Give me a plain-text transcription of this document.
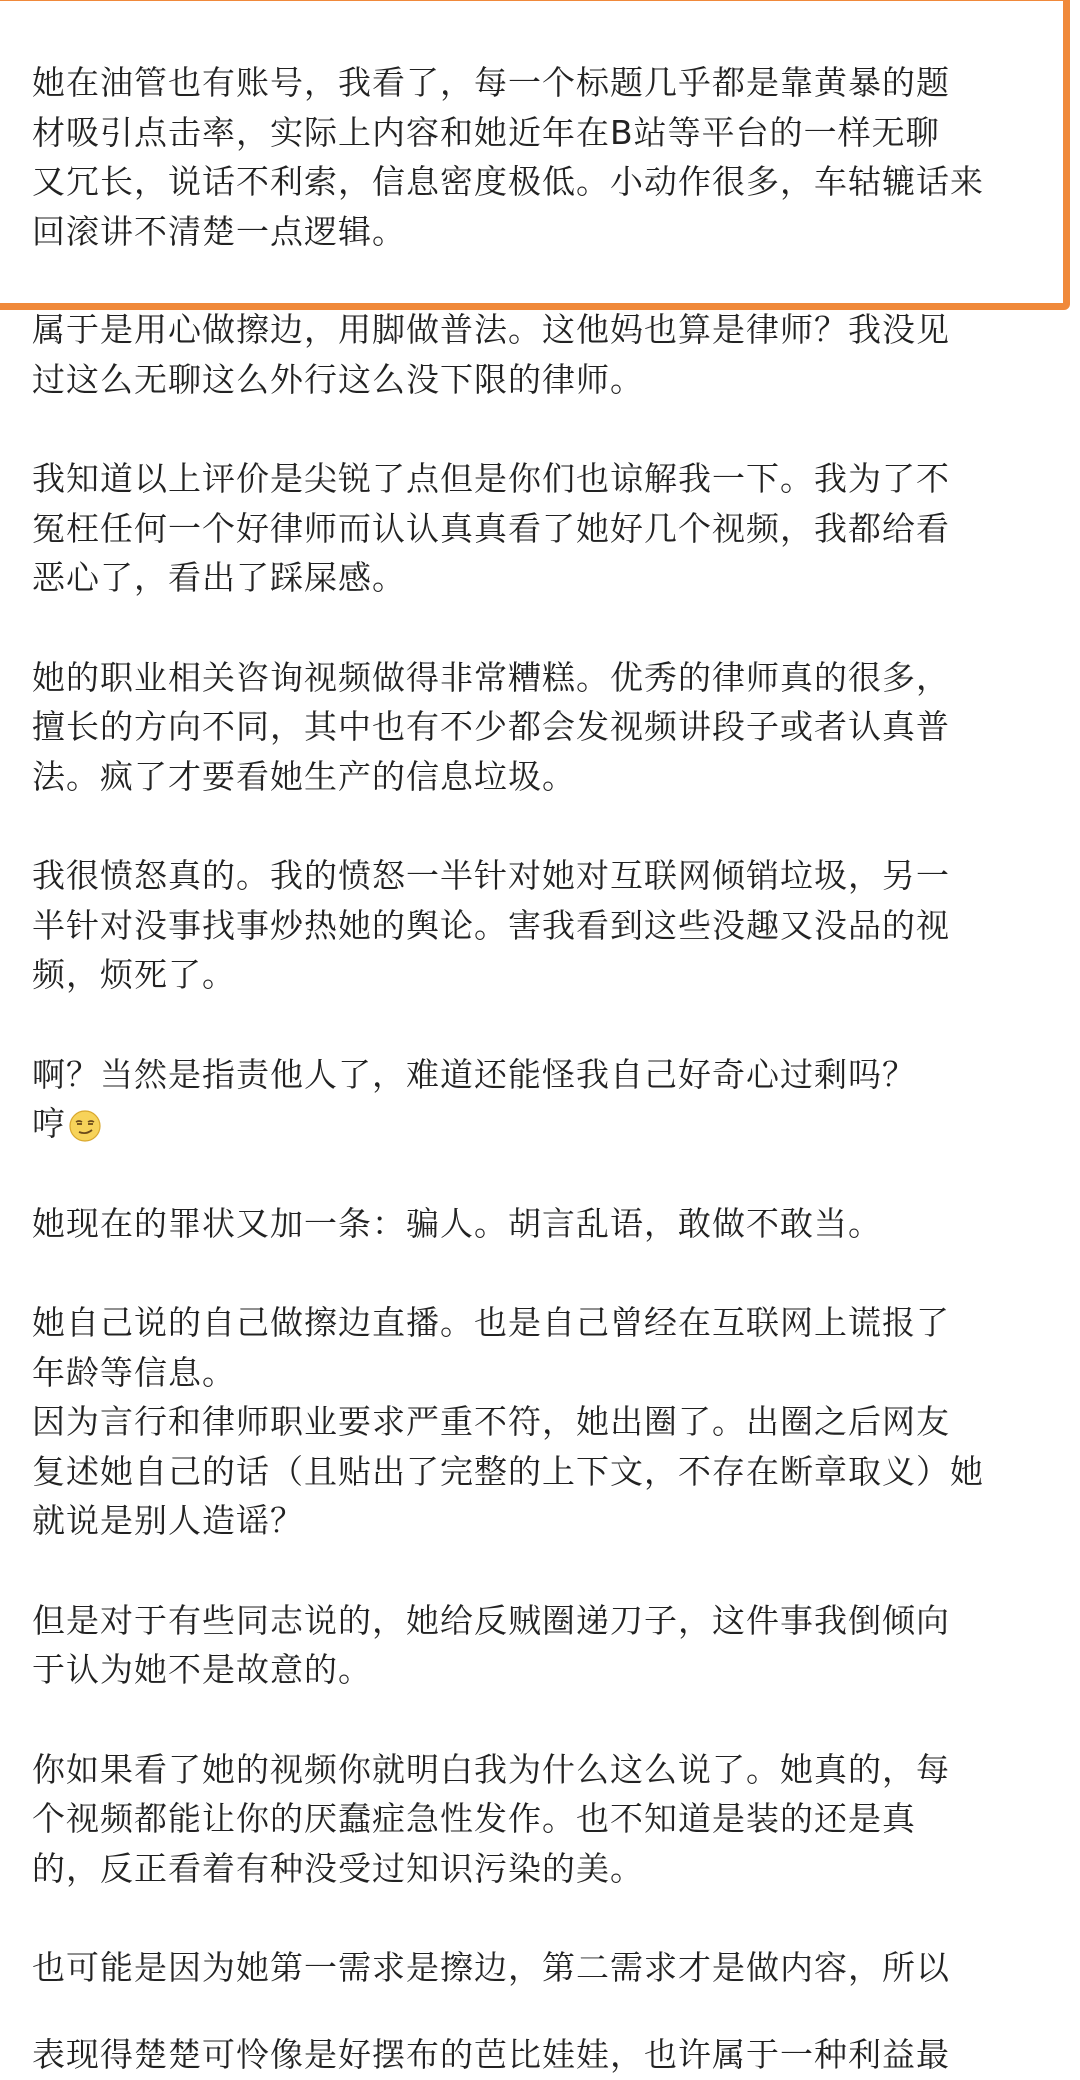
她在油管也有账号，我看了，每一个标题几乎都是靠黄暴的题
材吸引点击率，实际上内容和她近年在B站等平台的一样无聊
又冗长，说话不利索，信息密度极低。小动作很多，车轱辘话来
回滚讲不清楚一点逻辑。
属于是用心做擦边，用脚做普法。这他妈也算是律师？我没见
过这么无聊这么外行这么没下限的律师。
我知道以上评价是尖锐了点但是你们也谅解我一下。我为了不
冤枉任何一个好律师而认认真真看了她好几个视频，我都给看
恶心了，看出了踩屎感。
她的职业相关咨询视频做得非常糟糕。优秀的律师真的很多，
擅长的方向不同，其中也有不少都会发视频讲段子或者认真普
法。疯了才要看她生产的信息垃圾。
我很愤怒真的。我的愤怒一半针对她对互联网倾销垃圾，另一
半针对没事找事炒热她的舆论。害我看到这些没趣又没品的视
频，烦死了。
啊？当然是指责他人了，难道还能怪我自己好奇心过剩吗？
哼
她现在的罪状又加一条：骗人。胡言乱语，敢做不敢当。
她自己说的自己做擦边直播。也是自己曾经在互联网上谎报了
年龄等信息。
因为言行和律师职业要求严重不符，她出圈了。出圈之后网友
复述她自己的话（且贴出了完整的上下文，不存在断章取义）她
就说是别人造谣？
但是对于有些同志说的，她给反贼圈递刀子，这件事我倒倾向
于认为她不是故意的。
你如果看了她的视频你就明白我为什么这么说了。她真的，每
个视频都能让你的厌蠢症急性发作。也不知道是装的还是真
的，反正看着有种没受过知识污染的美。
也可能是因为她第一需求是擦边，第二需求才是做内容，所以
表现得楚楚可怜像是好摆布的芭比娃娃，也许属于一种利益最
